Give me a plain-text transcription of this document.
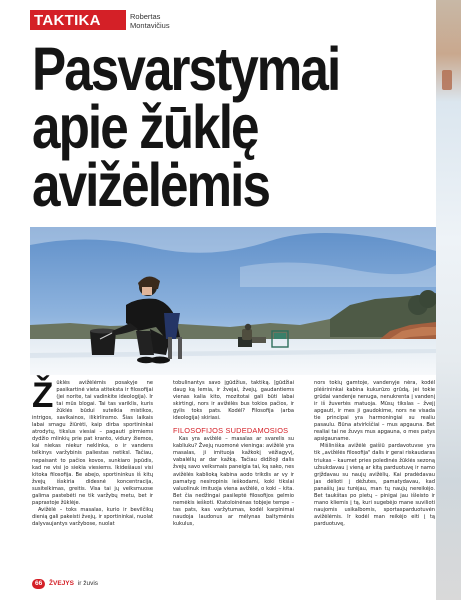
TAKTIKA	Robertas Montavičius
Pasvarstymai
apie žūklę
avižėlėmis
Ž ūklės avižėlėmis posakyje ne pasikartinė vieta atiteksta ir filosofijai (jei norite, tai vadinkite ideologija). Ir tai mūs blogai. Tai tas variklis, kuris žūklės būdui suteikia mistikos, intrigos, savikainos, ilikirlinsmo. Šias laikais labai smagu žiūrėti, kaip dirba sportininkai atrodytų, tikslus viesiai – pagauti pirmiems dydžio mlinkių prie pat kranto, vidury žiemos, kai niekas niekur neklinka, o ir vandens telkinys varžybinis paliestas netiksl. Tačiau, nepaisant to pačios kovos, sunkiaro įspūdis, kad ne visi jo siekia viesiems. Ikidešiausi visi kitoka filosofija. Be abejo, sportininkus iš kitų žvejų išskiria didesnė koncentracija, susitelkimas, greitis. Visa tai jų veiksmuose galima pastebėti ne tik varžybų metu, bet ir paprastoje žūklėje.

Avižėlė – toks masalas, kurio ir bevilčikų dienią gali pakeisti žvejų, ir sportininkai, nuolat dalyvaujantys varžybose, nuolat

tobulinantys savo įgūdžius, taktiką. Įgūdžiai daug ką lemia, ir žvejai, žvejų, gaudantiems vienas kalia kito, mozitotai gali būti labai skirtingi, nors ir avižėlės bus tokios pačios, ir gylis toks pats. Kodėl? Filosofija (arba ideologija) skiriasi.

FILOSOFIJOS SUDEDAMOSIOS

Kas yra avižėlė – masalas ar svarelis su kabliuku? Žvejų nuomonė vieninga: avižėlė yra masalas, ji imituoja kažkokį vėžiagyvį, vabalėlių ar dar kažką. Tačiau didžioji dalis žvejų savo veiksmais paneigia tai, ką sako, nes avižėlės kablioką kabina aodo trikdis ar vy ir pamatyg nesiropinis ieškodami, koki tikslai valuolinuk imituoja viena avižėlė, o koki – kita. Bet čia nedžingai pasileptė filosofijos gelmio nemėkis ieškoti. Ktatoloinėnas tobjeje tempe – tas pats, kas varžytumas, kodėl karpinimai naudoja laudonus ar mėlynas baltymėnis kukulus,

nors tokių gamtoje, vandenyje nėra, kodėl plėšrininkai kabina kukurūzo grūdą, jei tokie grūdai vandenje nenuga, nenukrenta į vandenį ir iš žuvertės matuoja. Mūsų tikslas – žvejį apgauti, ir mes ji gaudokime, nors ne visada tie principai yra harmoningiai su realiu pasaulu. Būna atvirkščiai – mus apgauna. Bet realiai tai ne žuvys mus apgauna, o mes patys apsigauname.

Mišliniška avižėlė gaišiū pardavotuvse yra tik „avižėlės filosofija" dalis ir gerai riskaudaras triukas – kaumet pries poledinės žūklės sezoną užsukdavau į vieną ar kitą parduotuvę ir namo grįždavau su naujų avižėlių. Kai pradėdavau jas dėlioti į dėžutes, pamatydavau, kad panašių jau turėjau, man tų naujų nereikėjo. Bet taukštas po pietų – pinigai jau išleisto ir mano kliemis į tą, kuri sugebėjo mane suvilioti naujomis usikalbomis, sportasparduotuvėn avižėlėmis. Ir kodėl man reikėjo eiti į tą parduotuvę,

66 ŽVEJYS ir žuvis
